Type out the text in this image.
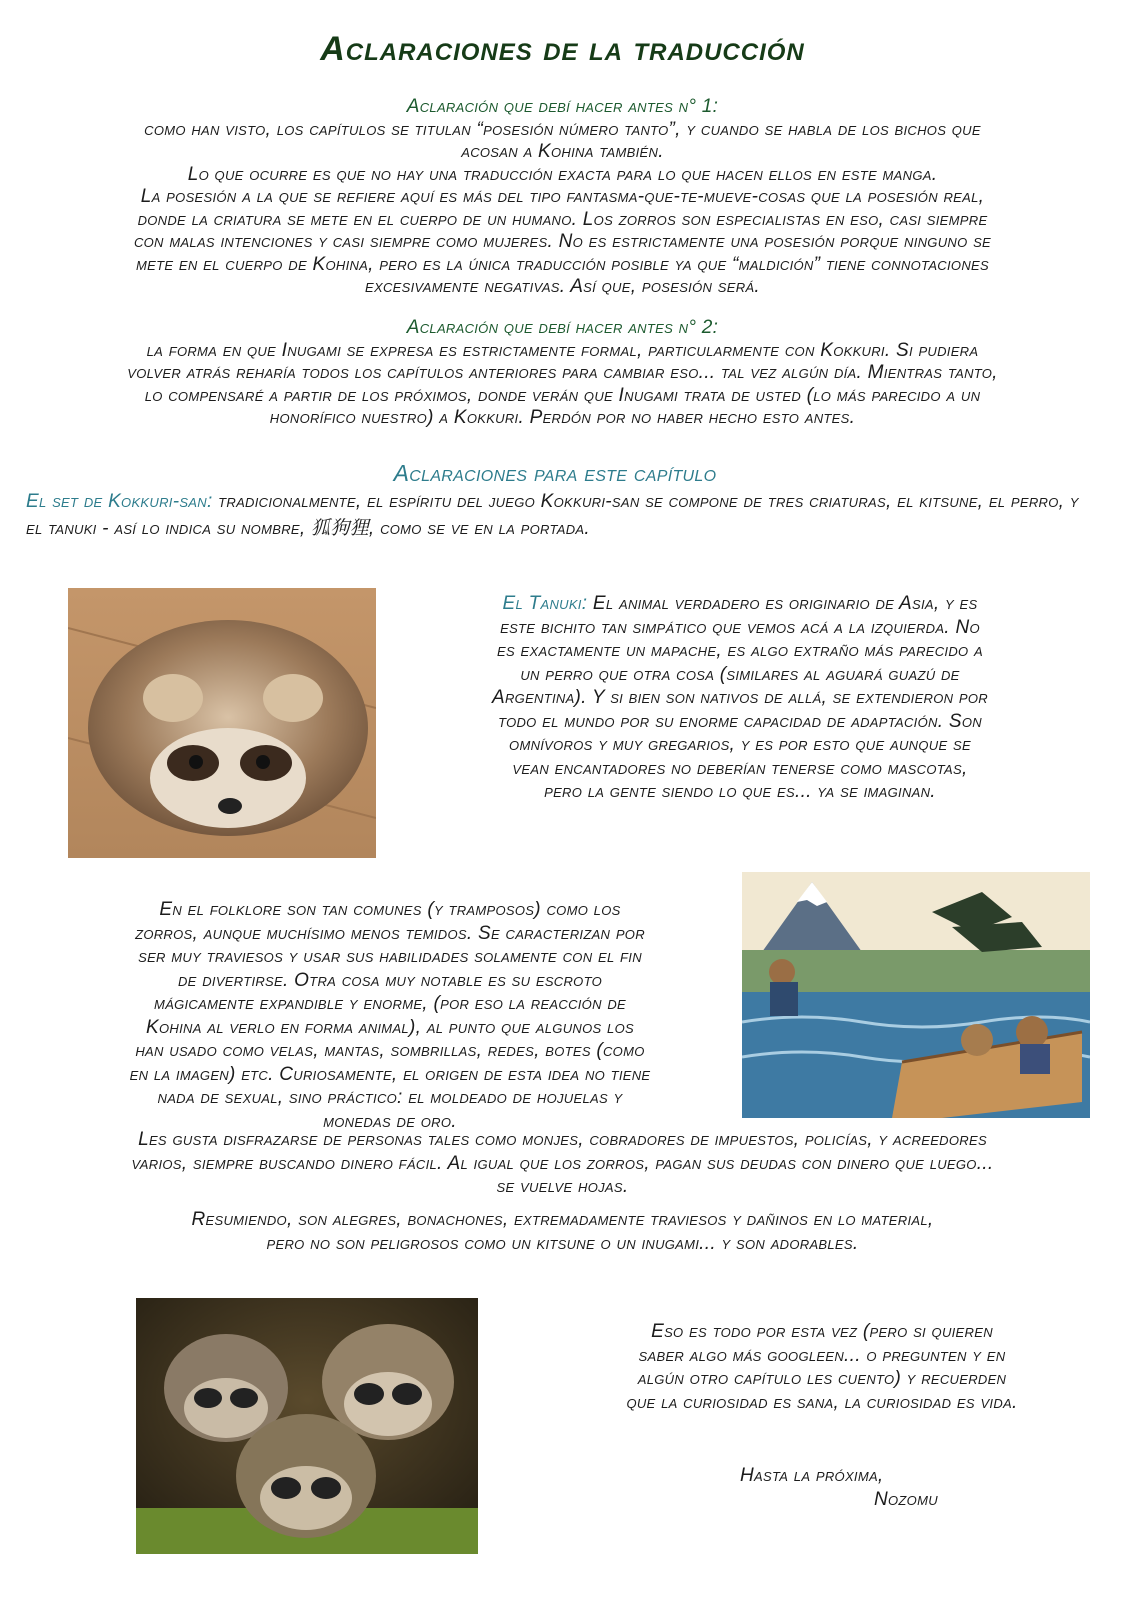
Aclaraciones de la traducción
Aclaración que debí hacer antes n° 1:
como han visto, los capítulos se titulan “posesión número tanto”, y cuando se habla de los bichos que
acosan a Kohina también.
Lo que ocurre es que no hay una traducción exacta para lo que hacen ellos en este manga.
La posesión a la que se refiere aquí es más del tipo fantasma-que-te-mueve-cosas que la posesión real,
donde la criatura se mete en el cuerpo de un humano. Los zorros son especialistas en eso, casi siempre
con malas intenciones y casi siempre como mujeres. No es estrictamente una posesión porque ninguno se
mete en el cuerpo de Kohina, pero es la única traducción posible ya que “maldición” tiene connotaciones
excesivamente negativas. Así que, posesión será.
Aclaración que debí hacer antes n° 2:
la forma en que Inugami se expresa es estrictamente formal, particularmente con Kokkuri. Si pudiera
volver atrás reharía todos los capítulos anteriores para cambiar eso... tal vez algún día. Mientras tanto,
lo compensaré a partir de los próximos, donde verán que Inugami trata de usted (lo más parecido a un
honorífico nuestro) a Kokkuri. Perdón por no haber hecho esto antes.
Aclaraciones para este capítulo
El set de Kokkuri-san: tradicionalmente, el espíritu del juego Kokkuri-san se compone de tres criaturas, el kitsune, el perro, y el tanuki - así lo indica su nombre, 狐狗狸, como se ve en la portada.
El Tanuki: El animal verdadero es originario de Asia, y es
este bichito tan simpático que vemos acá a la izquierda. No
es exactamente un mapache, es algo extraño más parecido a
un perro que otra cosa (similares al aguará guazú de
Argentina). Y si bien son nativos de allá, se extendieron por
todo el mundo por su enorme capacidad de adaptación. Son
omnívoros y muy gregarios, y es por esto que aunque se
vean encantadores no deberían tenerse como mascotas,
pero la gente siendo lo que es... ya se imaginan.
En el folklore son tan comunes (y tramposos) como los
zorros, aunque muchísimo menos temidos. Se caracterizan por
ser muy traviesos y usar sus habilidades solamente con el fin
de divertirse. Otra cosa muy notable es su escroto
mágicamente expandible y enorme, (por eso la reacción de
Kohina al verlo en forma animal), al punto que algunos los
han usado como velas, mantas, sombrillas, redes, botes (como
en la imagen) etc. Curiosamente, el origen de esta idea no tiene
nada de sexual, sino práctico: el moldeado de hojuelas y
monedas de oro.
Les gusta disfrazarse de personas tales como monjes, cobradores de impuestos, policías, y acreedores
varios, siempre buscando dinero fácil. Al igual que los zorros, pagan sus deudas con dinero que luego...
se vuelve hojas.
Resumiendo, son alegres, bonachones, extremadamente traviesos y dañinos en lo material,
pero no son peligrosos como un kitsune o un inugami... y son adorables.
Eso es todo por esta vez (pero si quieren
saber algo más googleen... o pregunten y en
algún otro capítulo les cuento) y recuerden
que la curiosidad es sana, la curiosidad es vida.
Hasta la próxima,
Nozomu
